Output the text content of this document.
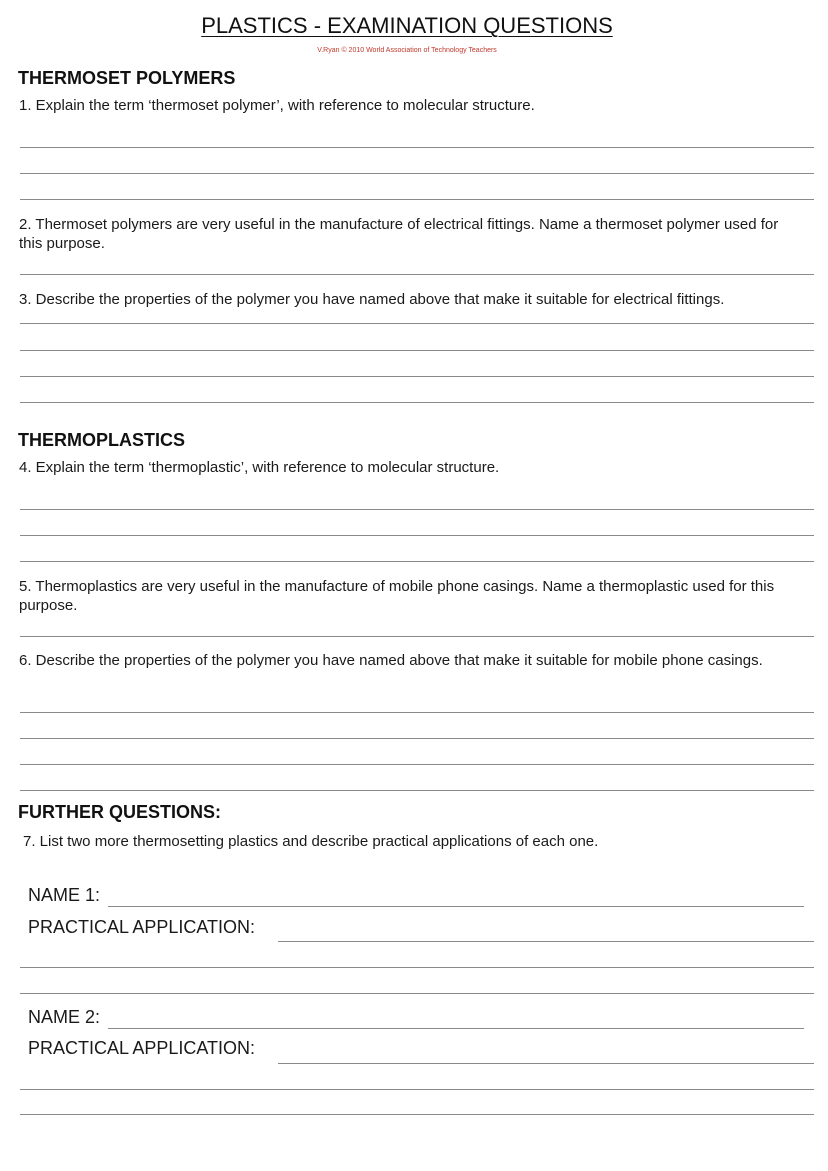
PLASTICS - EXAMINATION QUESTIONS
V.Ryan © 2010 World Association of Technology Teachers
THERMOSET POLYMERS
1. Explain the term ‘thermoset polymer’, with reference to molecular structure.
2. Thermoset polymers are very useful in the manufacture of electrical fittings. Name a thermoset polymer used for this purpose.
3. Describe the properties of the polymer you have named above that make it suitable for electrical fittings.
THERMOPLASTICS
4. Explain the term ‘thermoplastic’, with reference to molecular structure.
5. Thermoplastics are very useful in the manufacture of mobile phone casings. Name a thermoplastic used for this purpose.
6. Describe the properties of the polymer you have named above that make it suitable for mobile phone casings.
FURTHER QUESTIONS:
7. List two more thermosetting plastics and describe practical applications of each one.
NAME 1:
PRACTICAL APPLICATION:
NAME 2:
PRACTICAL APPLICATION:
